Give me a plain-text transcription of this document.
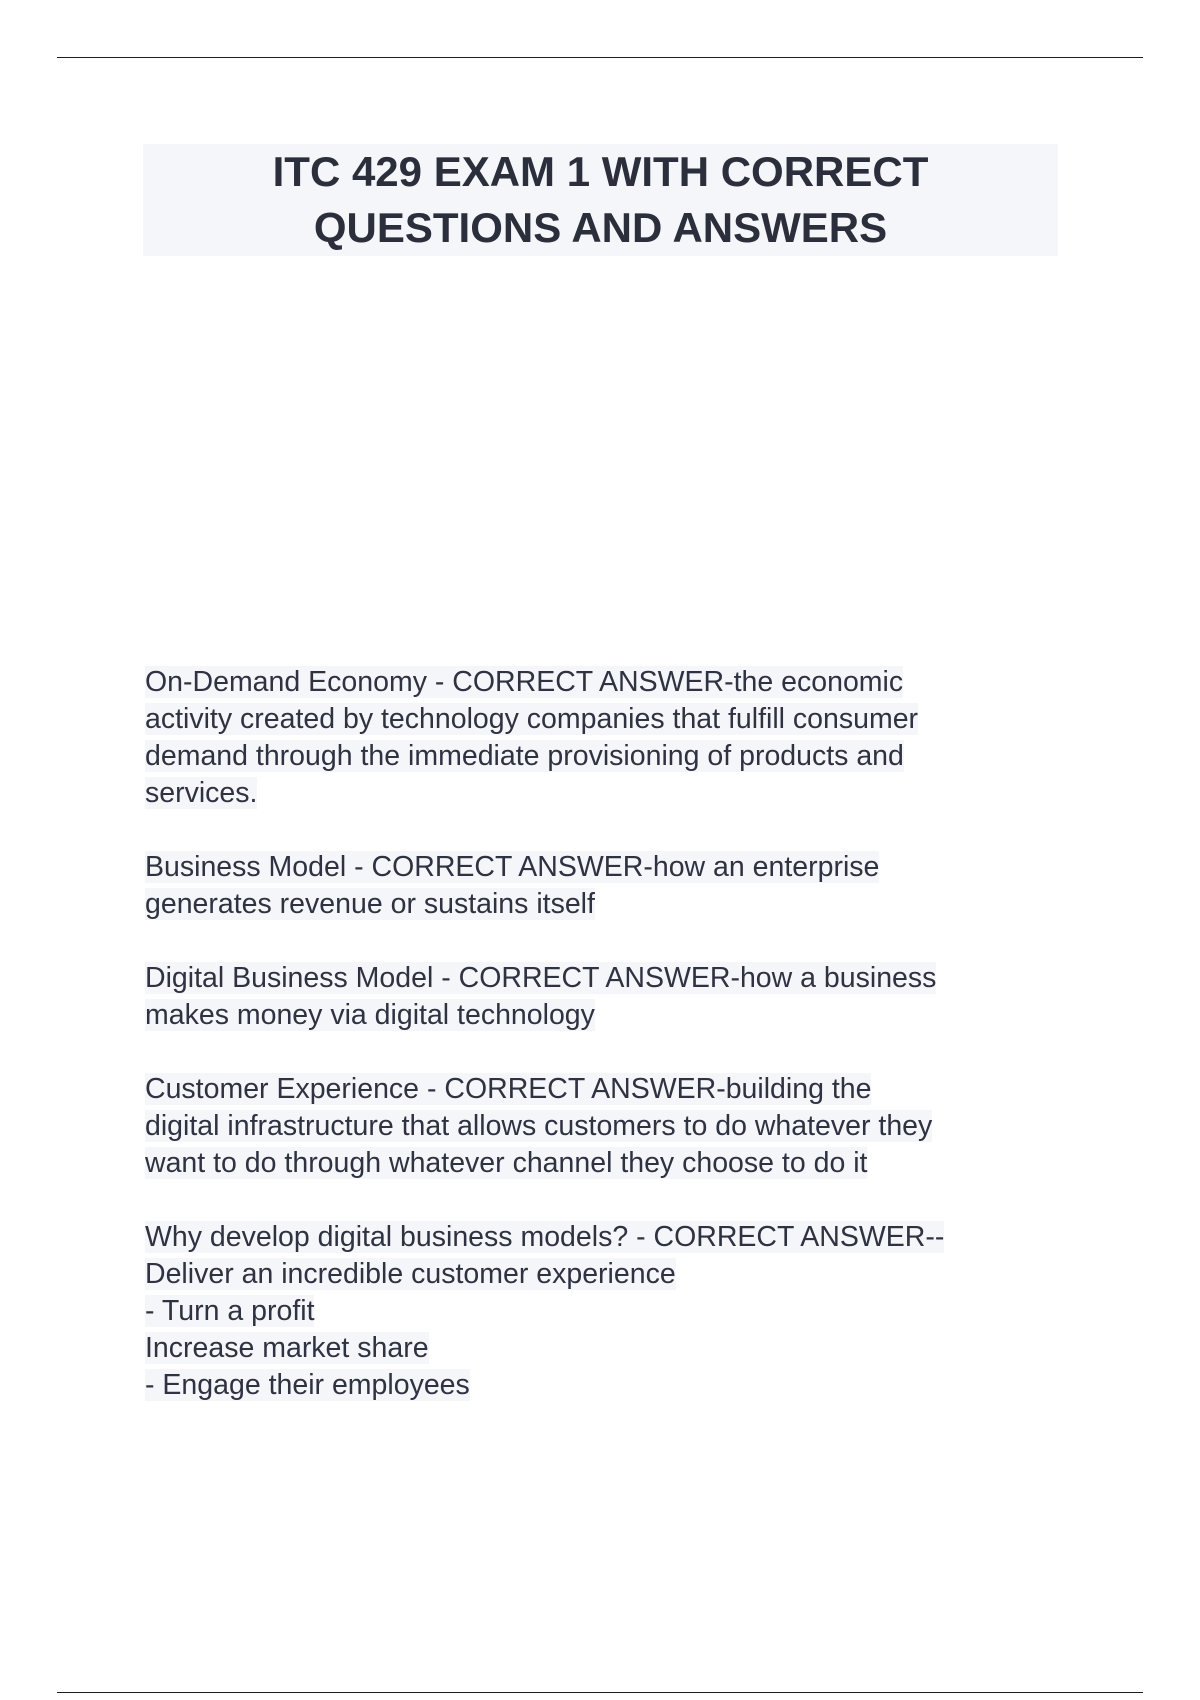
ITC 429 EXAM 1 WITH CORRECT
QUESTIONS AND ANSWERS

On-Demand Economy - CORRECT ANSWER-the economic
activity created by technology companies that fulfill consumer
demand through the immediate provisioning of products and
services.

Business Model - CORRECT ANSWER-how an enterprise
generates revenue or sustains itself

Digital Business Model - CORRECT ANSWER-how a business
makes money via digital technology

Customer Experience - CORRECT ANSWER-building the
digital infrastructure that allows customers to do whatever they
want to do through whatever channel they choose to do it

Why develop digital business models? - CORRECT ANSWER--
Deliver an incredible customer experience
- Turn a profit
Increase market share
- Engage their employees
